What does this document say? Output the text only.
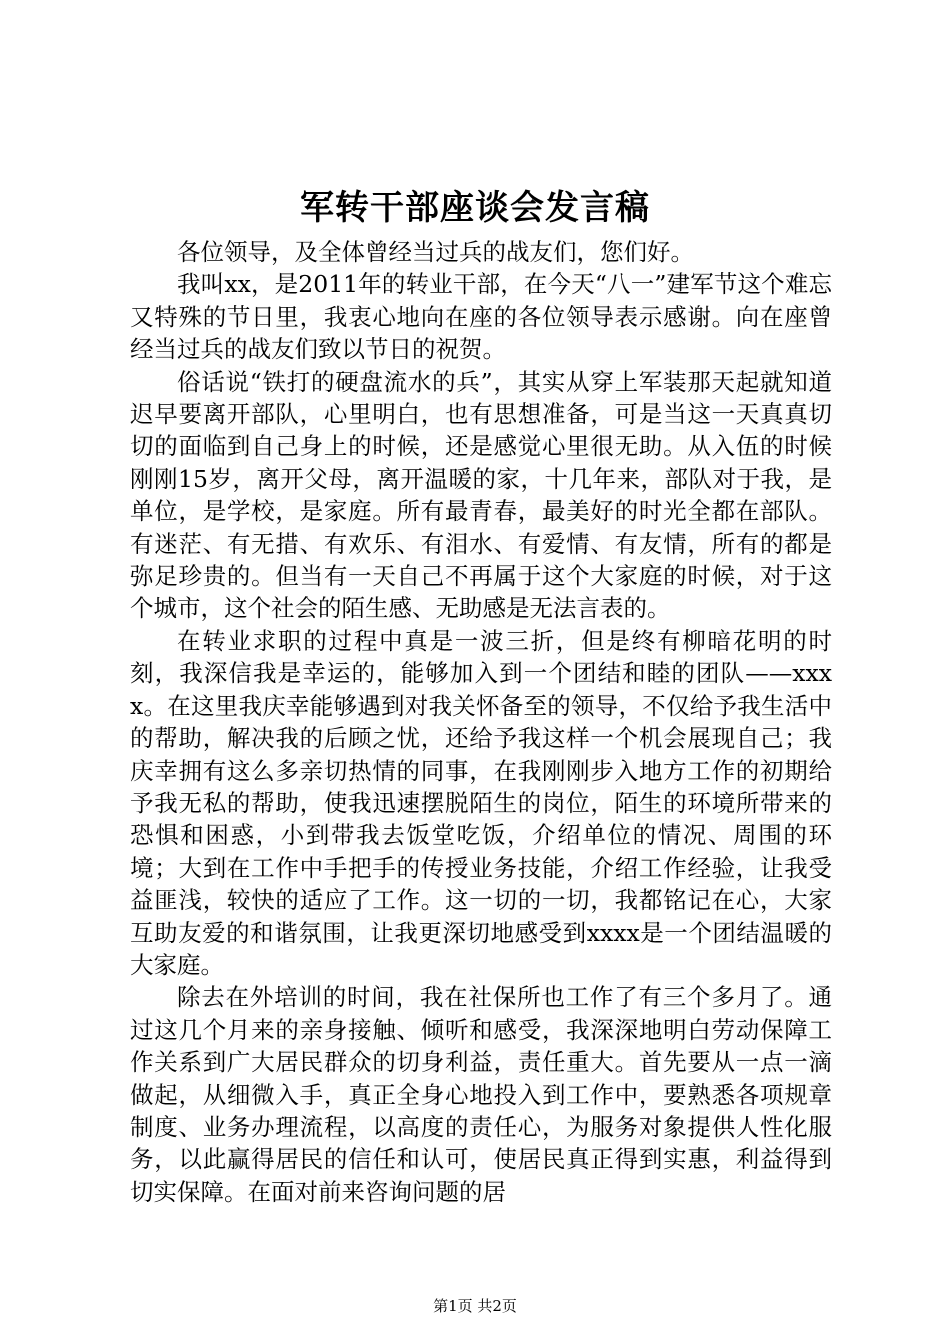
军转干部座谈会发言稿

各位领导，及全体曾经当过兵的战友们，您们好。

我叫xx，是2011年的转业干部，在今天“八一”建军节这个难忘又特殊的节日里，我衷心地向在座的各位领导表示感谢。向在座曾经当过兵的战友们致以节日的祝贺。

俗话说“铁打的硬盘流水的兵”，其实从穿上军装那天起就知道迟早要离开部队，心里明白，也有思想准备，可是当这一天真真切切的面临到自己身上的时候，还是感觉心里很无助。从入伍的时候刚刚15岁，离开父母，离开温暖的家，十几年来，部队对于我，是单位，是学校，是家庭。所有最青春，最美好的时光全都在部队。有迷茫、有无措、有欢乐、有泪水、有爱情、有友情，所有的都是弥足珍贵的。但当有一天自己不再属于这个大家庭的时候，对于这个城市，这个社会的陌生感、无助感是无法言表的。

在转业求职的过程中真是一波三折，但是终有柳暗花明的时刻，我深信我是幸运的，能够加入到一个团结和睦的团队——xxxx。在这里我庆幸能够遇到对我关怀备至的领导，不仅给予我生活中的帮助，解决我的后顾之忧，还给予我这样一个机会展现自己；我庆幸拥有这么多亲切热情的同事，在我刚刚步入地方工作的初期给予我无私的帮助，使我迅速摆脱陌生的岗位，陌生的环境所带来的恐惧和困惑，小到带我去饭堂吃饭，介绍单位的情况、周围的环境；大到在工作中手把手的传授业务技能，介绍工作经验，让我受益匪浅，较快的适应了工作。这一切的一切，我都铭记在心，大家互助友爱的和谐氛围，让我更深切地感受到xxxx是一个团结温暖的大家庭。

除去在外培训的时间，我在社保所也工作了有三个多月了。通过这几个月来的亲身接触、倾听和感受，我深深地明白劳动保障工作关系到广大居民群众的切身利益，责任重大。首先要从一点一滴做起，从细微入手，真正全身心地投入到工作中，要熟悉各项规章制度、业务办理流程，以高度的责任心，为服务对象提供人性化服务，以此赢得居民的信任和认可，使居民真正得到实惠，利益得到切实保障。在面对前来咨询问题的居

第1页 共2页
